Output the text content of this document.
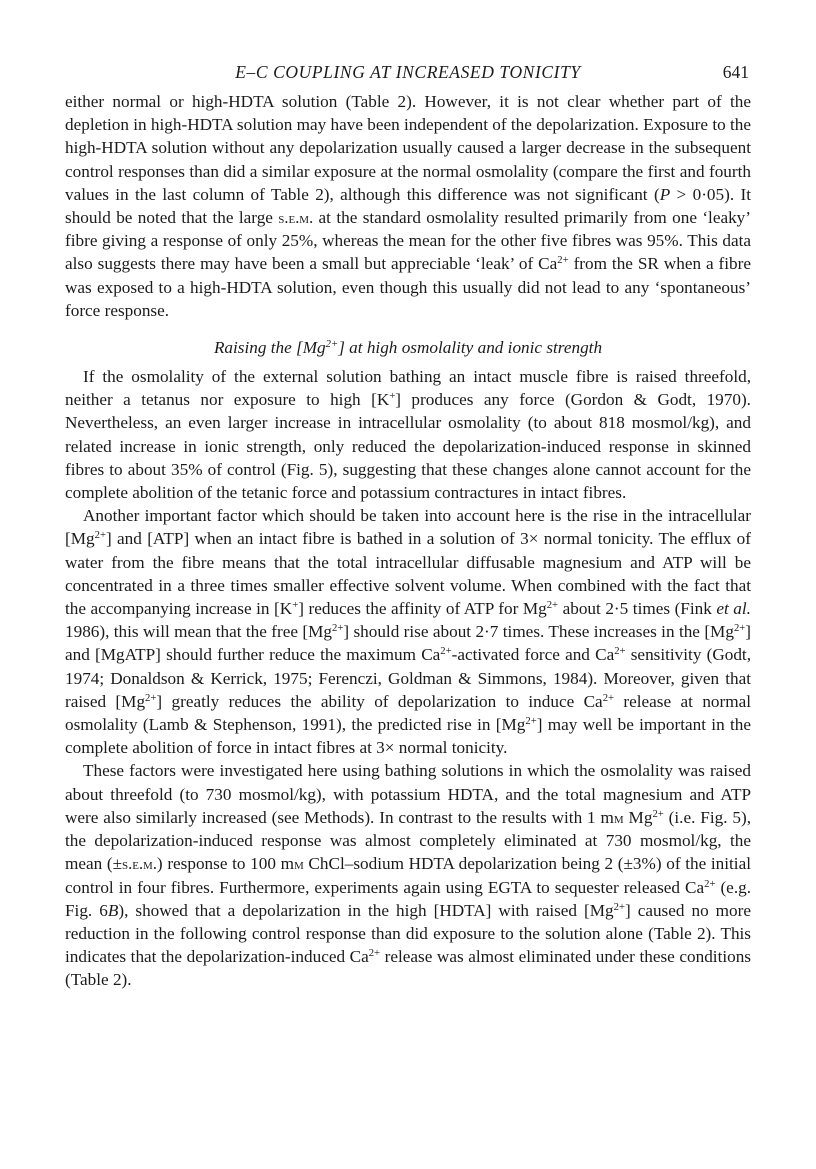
E–C COUPLING AT INCREASED TONICITY	641

either normal or high-HDTA solution (Table 2). However, it is not clear whether part of the depletion in high-HDTA solution may have been independent of the depolarization. Exposure to the high-HDTA solution without any depolarization usually caused a larger decrease in the subsequent control responses than did a similar exposure at the normal osmolality (compare the first and fourth values in the last column of Table 2), although this difference was not significant (P > 0·05). It should be noted that the large s.e.m. at the standard osmolality resulted primarily from one ‘leaky’ fibre giving a response of only 25%, whereas the mean for the other five fibres was 95%. This data also suggests there may have been a small but appreciable ‘leak’ of $Ca^{2+}$ from the SR when a fibre was exposed to a high-HDTA solution, even though this usually did not lead to any ‘spontaneous’ force response.

Raising the $[Mg^{2+}]$ at high osmolality and ionic strength

If the osmolality of the external solution bathing an intact muscle fibre is raised threefold, neither a tetanus nor exposure to high [K+] produces any force (Gordon & Godt, 1970). Nevertheless, an even larger increase in intracellular osmolality (to about 818 mosmol/kg), and related increase in ionic strength, only reduced the depolarization-induced response in skinned fibres to about 35% of control (Fig. 5), suggesting that these changes alone cannot account for the complete abolition of the tetanic force and potassium contractures in intact fibres.

Another important factor which should be taken into account here is the rise in the intracellular $[Mg^{2+}]$ and [ATP] when an intact fibre is bathed in a solution of 3× normal tonicity. The efflux of water from the fibre means that the total intracellular diffusable magnesium and ATP will be concentrated in a three times smaller effective solvent volume. When combined with the fact that the accompanying increase in [K+] reduces the affinity of ATP for $Mg^{2+}$ about 2·5 times (Fink et al. 1986), this will mean that the free $[Mg^{2+}]$ should rise about 2·7 times. These increases in the $[Mg^{2+}]$ and [MgATP] should further reduce the maximum $Ca^{2+}$-activated force and $Ca^{2+}$ sensitivity (Godt, 1974; Donaldson & Kerrick, 1975; Ferenczi, Goldman & Simmons, 1984). Moreover, given that raised $[Mg^{2+}]$ greatly reduces the ability of depolarization to induce $Ca^{2+}$ release at normal osmolality (Lamb & Stephenson, 1991), the predicted rise in $[Mg^{2+}]$ may well be important in the complete abolition of force in intact fibres at 3× normal tonicity.

These factors were investigated here using bathing solutions in which the osmolality was raised about threefold (to 730 mosmol/kg), with potassium HDTA, and the total magnesium and ATP were also similarly increased (see Methods). In contrast to the results with 1 mm $Mg^{2+}$ (i.e. Fig. 5), the depolarization-induced response was almost completely eliminated at 730 mosmol/kg, the mean (±s.e.m.) response to 100 mm ChCl–sodium HDTA depolarization being 2 (±3%) of the initial control in four fibres. Furthermore, experiments again using EGTA to sequester released $Ca^{2+}$ (e.g. Fig. 6B), showed that a depolarization in the high [HDTA] with raised $[Mg^{2+}]$ caused no more reduction in the following control response than did exposure to the solution alone (Table 2). This indicates that the depolarization-induced $Ca^{2+}$ release was almost eliminated under these conditions (Table 2).
